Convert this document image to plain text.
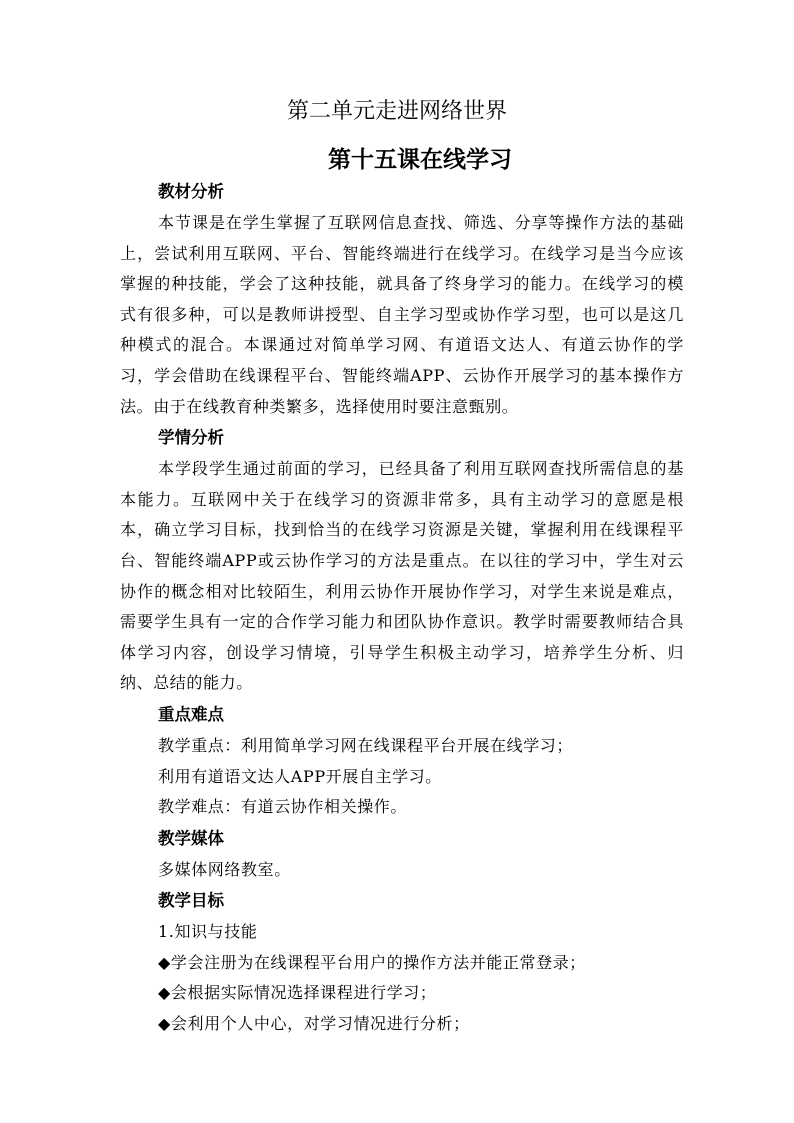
第二单元走进网络世界
第十五课在线学习

教材分析

本节课是在学生掌握了互联网信息查找、筛选、分享等操作方法的基础上，尝试利用互联网、平台、智能终端进行在线学习。在线学习是当今应该掌握的种技能，学会了这种技能，就具备了终身学习的能力。在线学习的模式有很多种，可以是教师讲授型、自主学习型或协作学习型，也可以是这几种模式的混合。本课通过对简单学习网、有道语文达人、有道云协作的学习，学会借助在线课程平台、智能终端APP、云协作开展学习的基本操作方法。由于在线教育种类繁多，选择使用时要注意甄别。

学情分析

本学段学生通过前面的学习，已经具备了利用互联网查找所需信息的基本能力。互联网中关于在线学习的资源非常多，具有主动学习的意愿是根本，确立学习目标，找到恰当的在线学习资源是关键，掌握利用在线课程平台、智能终端APP或云协作学习的方法是重点。在以往的学习中，学生对云协作的概念相对比较陌生，利用云协作开展协作学习，对学生来说是难点，需要学生具有一定的合作学习能力和团队协作意识。教学时需要教师结合具体学习内容，创设学习情境，引导学生积极主动学习，培养学生分析、归纳、总结的能力。

重点难点

教学重点：利用简单学习网在线课程平台开展在线学习；

利用有道语文达人APP开展自主学习。

教学难点：有道云协作相关操作。

教学媒体

多媒体网络教室。

教学目标

1.知识与技能

◆学会注册为在线课程平台用户的操作方法并能正常登录；

◆会根据实际情况选择课程进行学习；

◆会利用个人中心，对学习情况进行分析；
